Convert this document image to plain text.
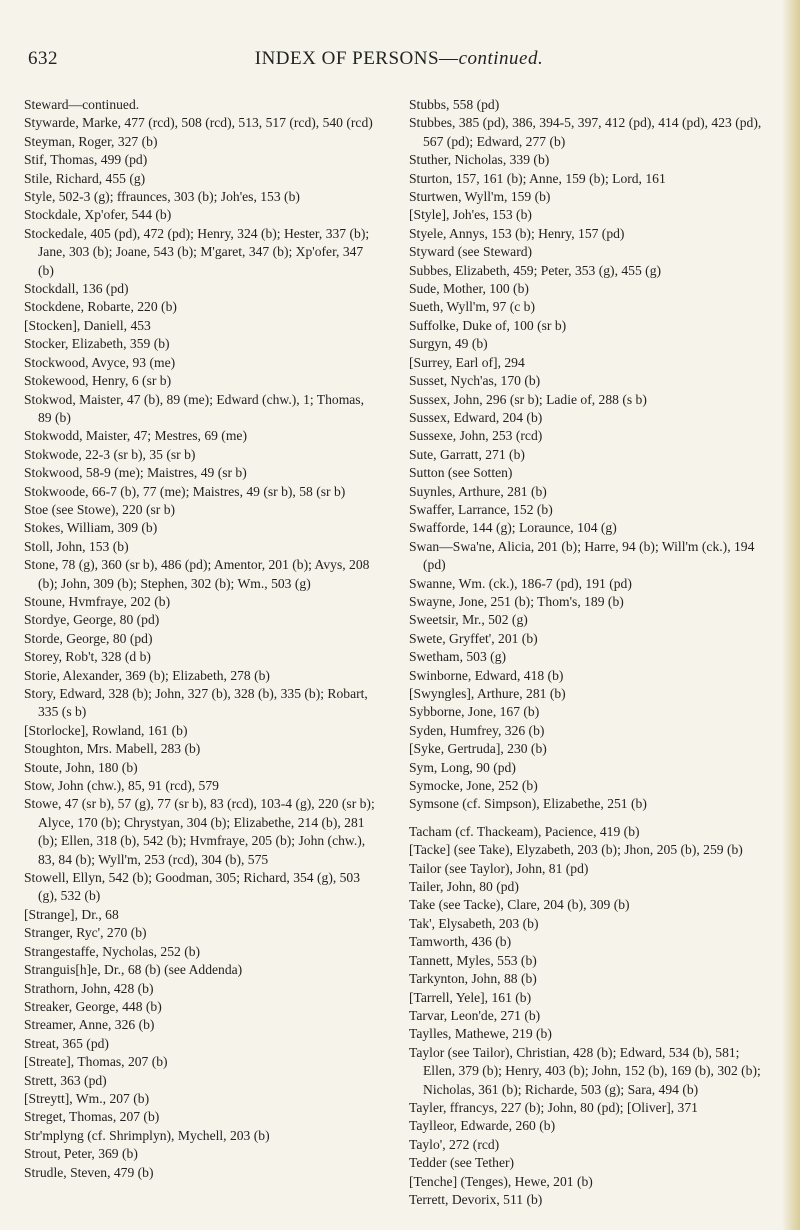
632	INDEX OF PERSONS—continued.
Steward—continued.
Stywarde, Marke, 477 (rcd), 508 (rcd), 513, 517 (rcd), 540 (rcd)
Steyman, Roger, 327 (b)
Stif, Thomas, 499 (pd)
Stile, Richard, 455 (g)
Style, 502-3 (g); ffraunces, 303 (b); Joh'es, 153 (b)
Stockdale, Xp'ofer, 544 (b)
Stockedale, 405 (pd), 472 (pd); Henry, 324 (b); Hester, 337 (b); Jane, 303 (b); Joane, 543 (b); M'garet, 347 (b); Xp'ofer, 347 (b)
Stockdall, 136 (pd)
Stockdene, Robarte, 220 (b)
[Stocken], Daniell, 453
Stocker, Elizabeth, 359 (b)
Stockwood, Avyce, 93 (me)
Stokewood, Henry, 6 (sr b)
Stokwod, Maister, 47 (b), 89 (me); Edward (chw.), 1; Thomas, 89 (b)
Stokwodd, Maister, 47; Mestres, 69 (me)
Stokwode, 22-3 (sr b), 35 (sr b)
Stokwood, 58-9 (me); Maistres, 49 (sr b)
Stokwoode, 66-7 (b), 77 (me); Maistres, 49 (sr b), 58 (sr b)
Stoe (see Stowe), 220 (sr b)
Stokes, William, 309 (b)
Stoll, John, 153 (b)
Stone, 78 (g), 360 (sr b), 486 (pd); Amentor, 201 (b); Avys, 208 (b); John, 309 (b); Stephen, 302 (b); Wm., 503 (g)
Stoune, Hvmfraye, 202 (b)
Stordye, George, 80 (pd)
Storde, George, 80 (pd)
Storey, Rob't, 328 (d b)
Storie, Alexander, 369 (b); Elizabeth, 278 (b)
Story, Edward, 328 (b); John, 327 (b), 328 (b), 335 (b); Robart, 335 (s b)
[Storlocke], Rowland, 161 (b)
Stoughton, Mrs. Mabell, 283 (b)
Stoute, John, 180 (b)
Stow, John (chw.), 85, 91 (rcd), 579
Stowe, 47 (sr b), 57 (g), 77 (sr b), 83 (rcd), 103-4 (g), 220 (sr b); Alyce, 170 (b); Chrystyan, 304 (b); Elizabethe, 214 (b), 281 (b); Ellen, 318 (b), 542 (b); Hvmfraye, 205 (b); John (chw.), 83, 84 (b); Wyll'm, 253 (rcd), 304 (b), 575
Stowell, Ellyn, 542 (b); Goodman, 305; Richard, 354 (g), 503 (g), 532 (b)
[Strange], Dr., 68
Stranger, Ryc', 270 (b)
Strangestaffe, Nycholas, 252 (b)
Stranguis[h]e, Dr., 68 (b) (see Addenda)
Strathorn, John, 428 (b)
Streaker, George, 448 (b)
Streamer, Anne, 326 (b)
Streat, 365 (pd)
[Streate], Thomas, 207 (b)
Strett, 363 (pd)
[Streytt], Wm., 207 (b)
Streget, Thomas, 207 (b)
Str'mplyng (cf. Shrimplyn), Mychell, 203 (b)
Strout, Peter, 369 (b)
Strudle, Steven, 479 (b)
Stubbs, 558 (pd)
Stubbes, 385 (pd), 386, 394-5, 397, 412 (pd), 414 (pd), 423 (pd), 567 (pd); Edward, 277 (b)
Stuther, Nicholas, 339 (b)
Sturton, 157, 161 (b); Anne, 159 (b); Lord, 161
Sturtwen, Wyll'm, 159 (b)
[Style], Joh'es, 153 (b)
Styele, Annys, 153 (b); Henry, 157 (pd)
Styward (see Steward)
Subbes, Elizabeth, 459; Peter, 353 (g), 455 (g)
Sude, Mother, 100 (b)
Sueth, Wyll'm, 97 (c b)
Suffolke, Duke of, 100 (sr b)
Surgyn, 49 (b)
[Surrey, Earl of], 294
Susset, Nych'as, 170 (b)
Sussex, John, 296 (sr b); Ladie of, 288 (s b)
Sussex, Edward, 204 (b)
Sussexe, John, 253 (rcd)
Sute, Garratt, 271 (b)
Sutton (see Sotten)
Suynles, Arthure, 281 (b)
Swaffer, Larrance, 152 (b)
Swafforde, 144 (g); Loraunce, 104 (g)
Swan—Swa'ne, Alicia, 201 (b); Harre, 94 (b); Will'm (ck.), 194 (pd)
Swanne, Wm. (ck.), 186-7 (pd), 191 (pd)
Swayne, Jone, 251 (b); Thom's, 189 (b)
Sweetsir, Mr., 502 (g)
Swete, Gryffet', 201 (b)
Swetham, 503 (g)
Swinborne, Edward, 418 (b)
[Swyngles], Arthure, 281 (b)
Sybborne, Jone, 167 (b)
Syden, Humfrey, 326 (b)
[Syke, Gertruda], 230 (b)
Sym, Long, 90 (pd)
Symocke, Jone, 252 (b)
Symsone (cf. Simpson), Elizabethe, 251 (b)
Tacham (cf. Thackeam), Pacience, 419 (b)
[Tacke] (see Take), Elyzabeth, 203 (b); Jhon, 205 (b), 259 (b)
Tailor (see Taylor), John, 81 (pd)
Tailer, John, 80 (pd)
Take (see Tacke), Clare, 204 (b), 309 (b)
Tak', Elysabeth, 203 (b)
Tamworth, 436 (b)
Tannett, Myles, 553 (b)
Tarkynton, John, 88 (b)
[Tarrell, Yele], 161 (b)
Tarvar, Leon'de, 271 (b)
Taylles, Mathewe, 219 (b)
Taylor (see Tailor), Christian, 428 (b); Edward, 534 (b), 581; Ellen, 379 (b); Henry, 403 (b); John, 152 (b), 169 (b), 302 (b); Nicholas, 361 (b); Richarde, 503 (g); Sara, 494 (b)
Tayler, ffrancys, 227 (b); John, 80 (pd); [Oliver], 371
Taylleor, Edwarde, 260 (b)
Taylo', 272 (rcd)
Tedder (see Tether)
[Tenche] (Tenges), Hewe, 201 (b)
Terrett, Devorix, 511 (b)
